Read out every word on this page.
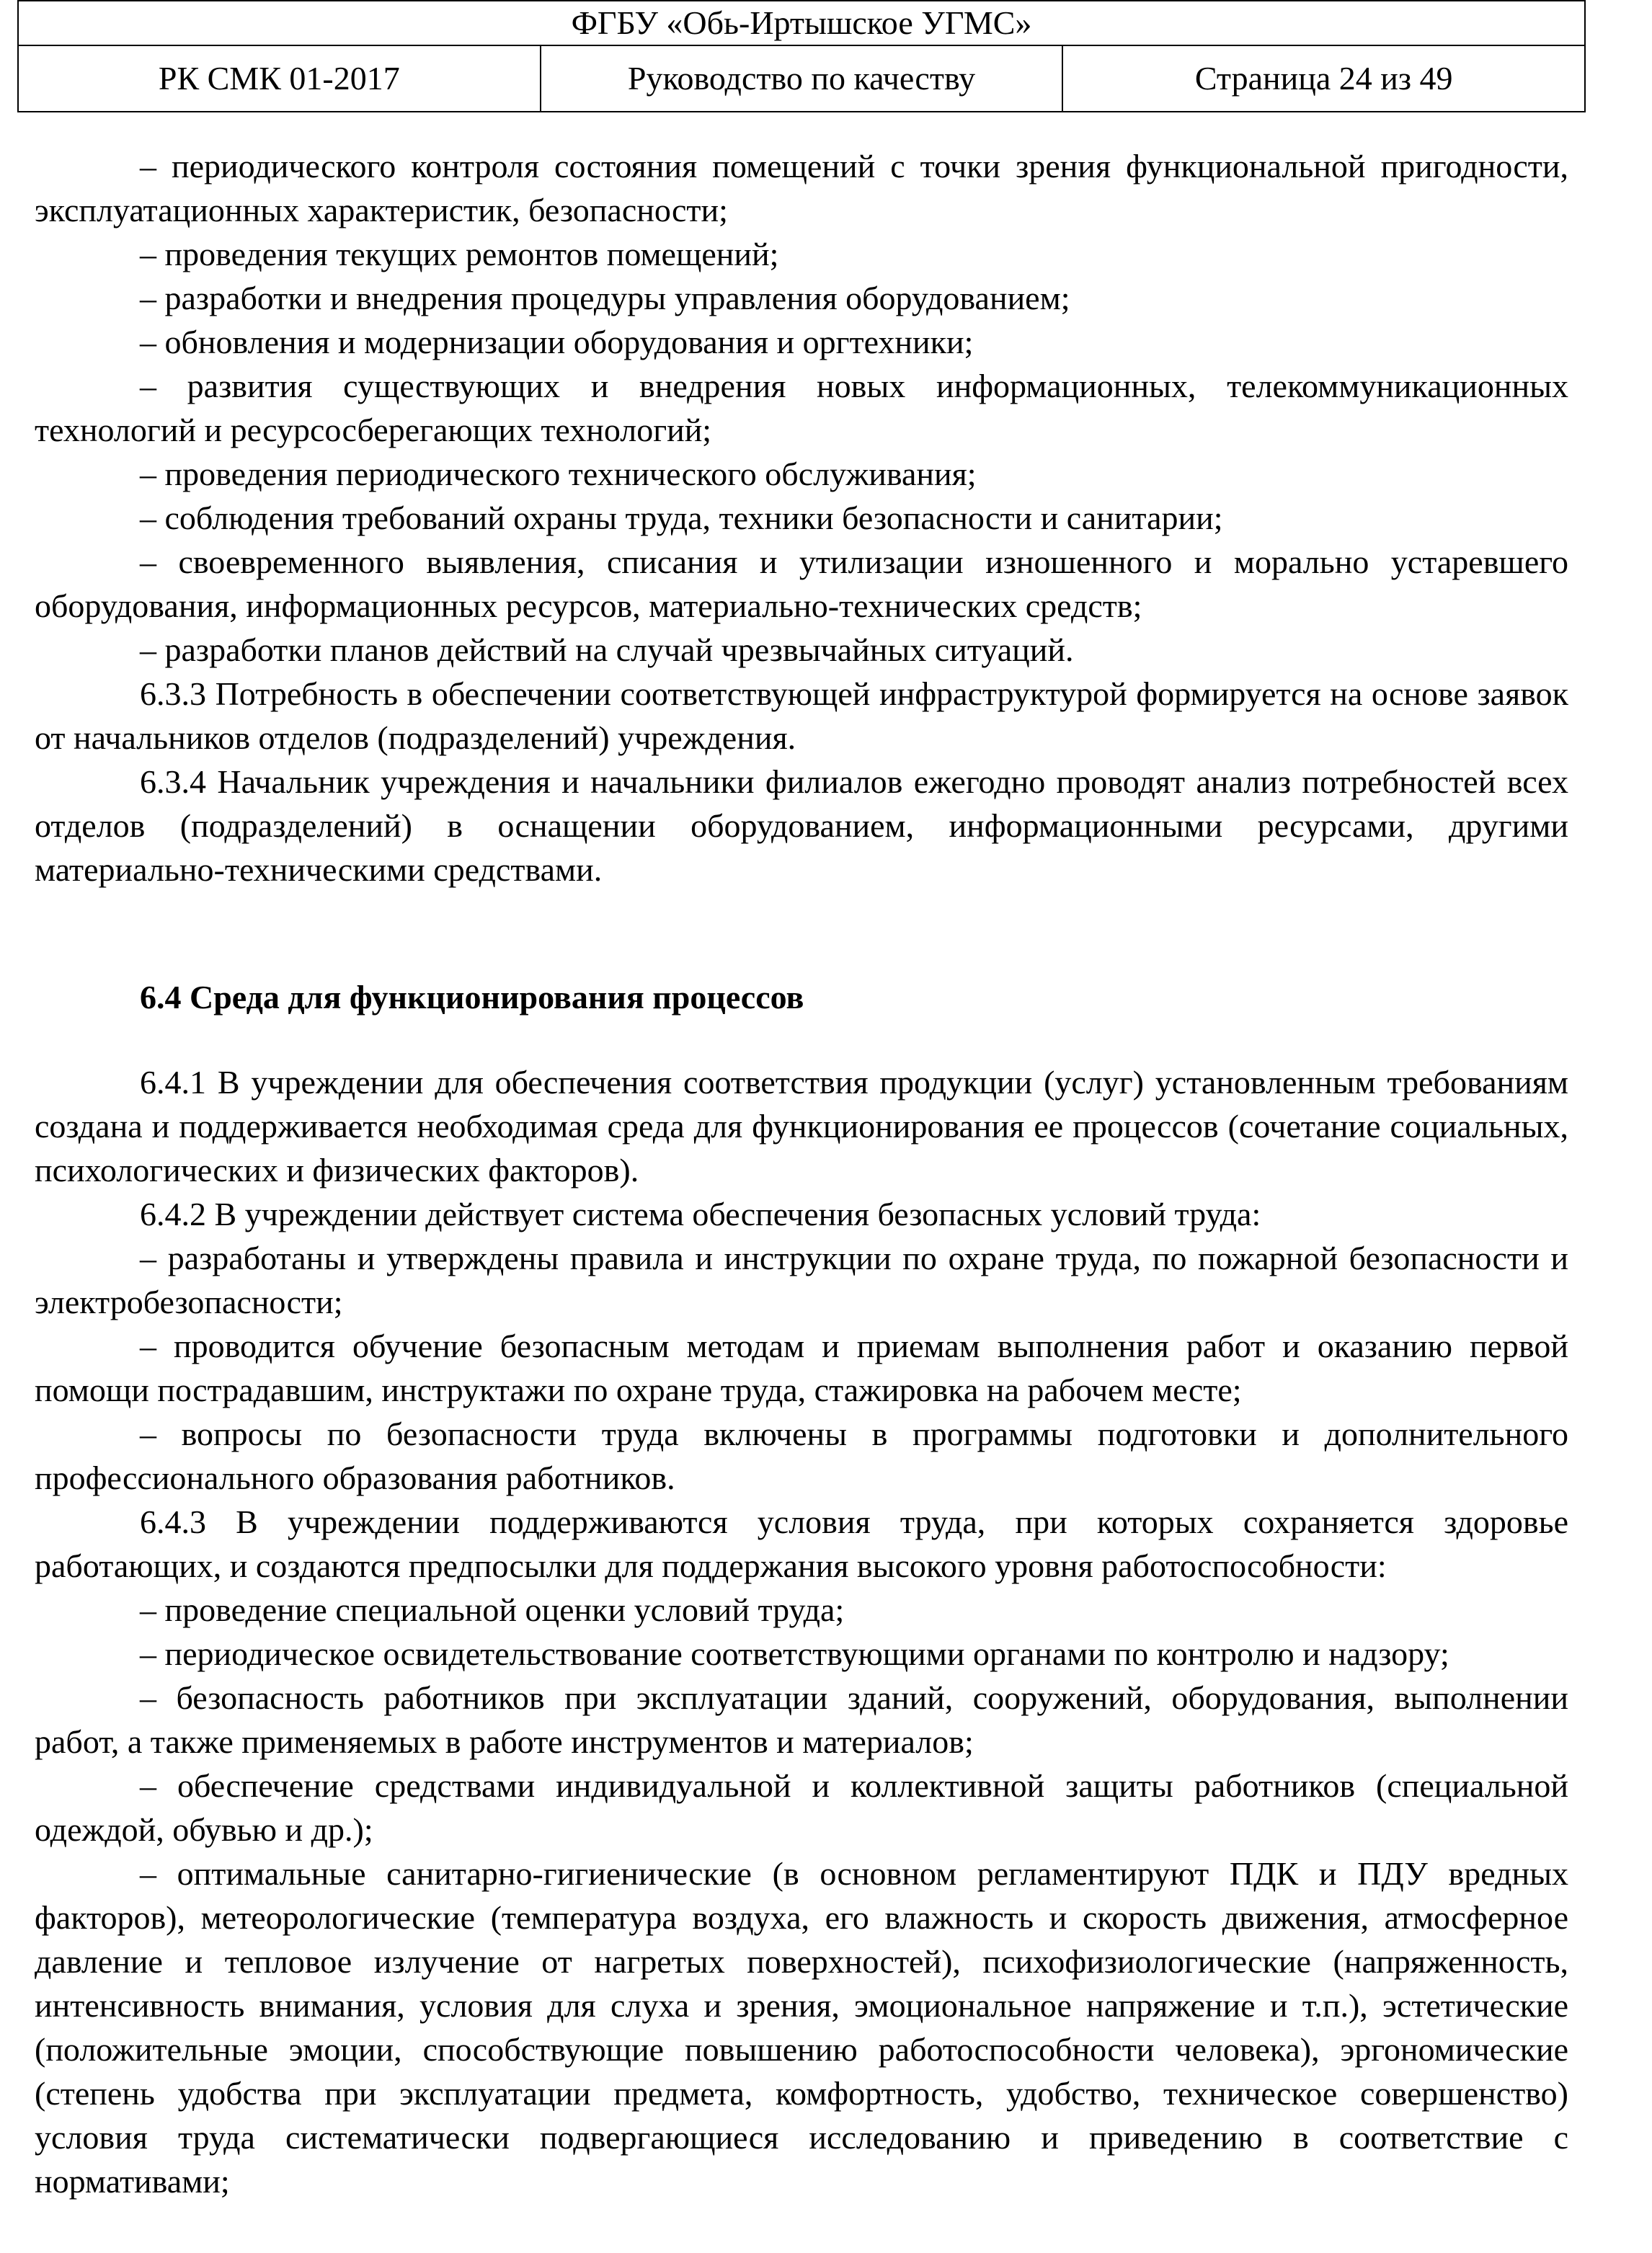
ФГБУ «Обь-Иртышское УГМС»
РК СМК 01-2017	Руководство по качеству	Страница 24 из 49

– периодического контроля состояния помещений с точки зрения функциональной пригодности, эксплуатационных характеристик, безопасности;

– проведения текущих ремонтов помещений;

– разработки и внедрения процедуры управления оборудованием;

– обновления и модернизации оборудования и оргтехники;

– развития существующих и внедрения новых информационных, телекоммуникационных технологий и ресурсосберегающих технологий;

– проведения периодического технического обслуживания;

– соблюдения требований охраны труда, техники безопасности и санитарии;

– своевременного выявления, списания и утилизации изношенного и морально устаревшего оборудования, информационных ресурсов, материально-технических средств;

– разработки планов действий на случай чрезвычайных ситуаций.

6.3.3 Потребность в обеспечении соответствующей инфраструктурой формируется на основе заявок от начальников отделов (подразделений) учреждения.

6.3.4 Начальник учреждения и начальники филиалов ежегодно проводят анализ потребностей всех отделов (подразделений) в оснащении оборудованием, информационными ресурсами, другими материально-техническими средствами.

6.4 Среда для функционирования процессов

6.4.1 В учреждении для обеспечения соответствия продукции (услуг) установленным требованиям создана и поддерживается необходимая среда для функционирования ее процессов (сочетание социальных, психологических и физических факторов).

6.4.2 В учреждении действует система обеспечения безопасных условий труда:

– разработаны и утверждены правила и инструкции по охране труда, по пожарной безопасности и электробезопасности;

– проводится обучение безопасным методам и приемам выполнения работ и оказанию первой помощи пострадавшим, инструктажи по охране труда, стажировка на рабочем месте;

– вопросы по безопасности труда включены в программы подготовки и дополнительного профессионального образования работников.

6.4.3 В учреждении поддерживаются условия труда, при которых сохраняется здоровье работающих, и создаются предпосылки для поддержания высокого уровня работоспособности:

– проведение специальной оценки условий труда;

– периодическое освидетельствование соответствующими органами по контролю и надзору;

– безопасность работников при эксплуатации зданий, сооружений, оборудования, выполнении работ, а также применяемых в работе инструментов и материалов;

– обеспечение средствами индивидуальной и коллективной защиты работников (специальной одеждой, обувью и др.);

– оптимальные санитарно-гигиенические (в основном регламентируют ПДК и ПДУ вредных факторов), метеорологические (температура воздуха, его влажность и скорость движения, атмосферное давление и тепловое излучение от нагретых поверхностей), психофизиологические (напряженность, интенсивность внимания, условия для слуха и зрения, эмоциональное напряжение и т.п.), эстетические (положительные эмоции, способствующие повышению работоспособности человека), эргономические (степень удобства при эксплуатации предмета, комфортность, удобство, техническое совершенство) условия труда систематически подвергающиеся исследованию и приведению в соответствие с нормативами;
